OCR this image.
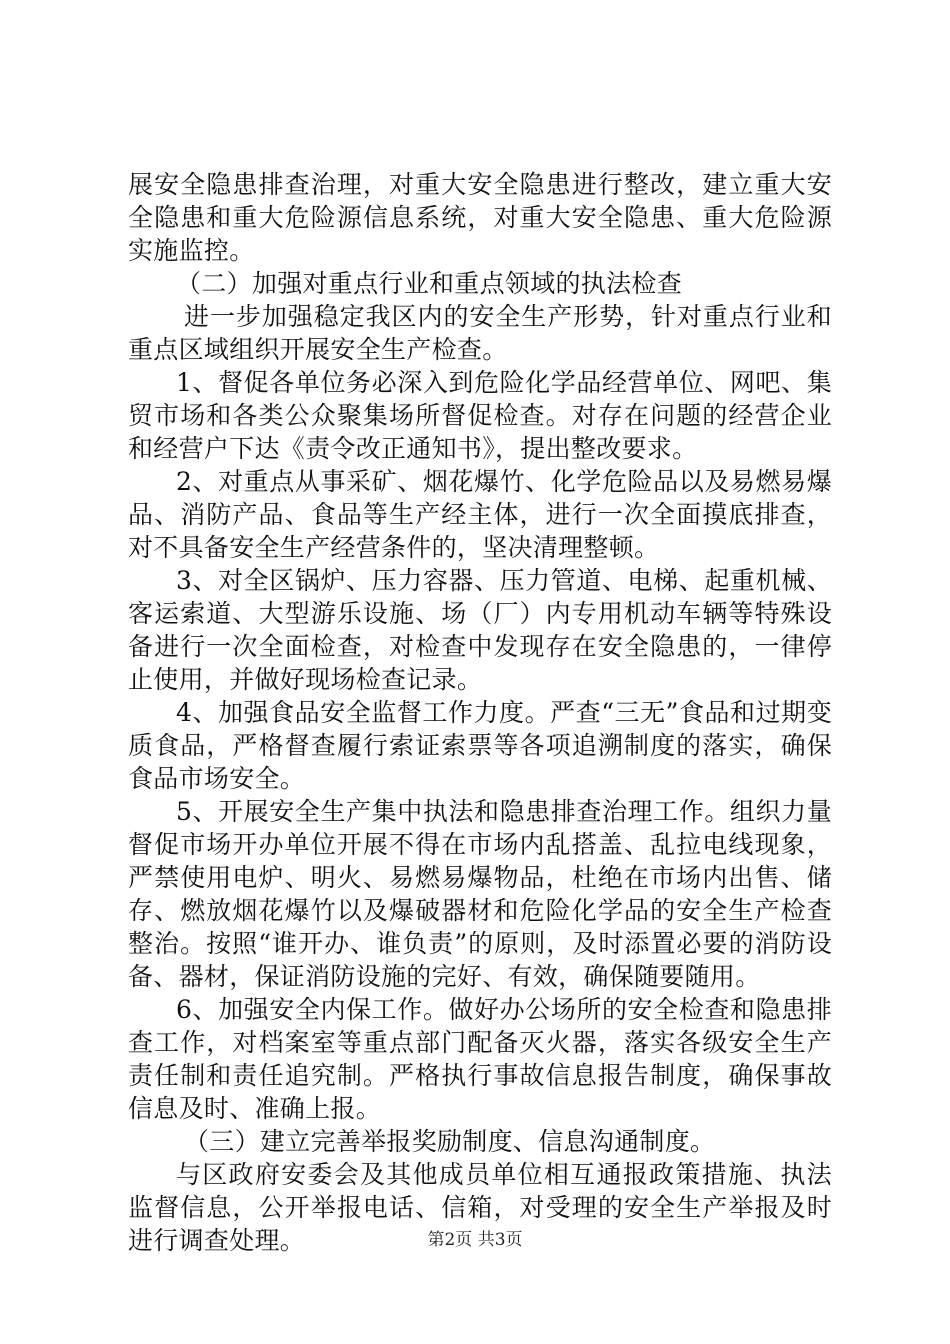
展安全隐患排查治理，对重大安全隐患进行整改，建立重大安全隐患和重大危险源信息系统，对重大安全隐患、重大危险源实施监控。

（二）加强对重点行业和重点领域的执法检查

进一步加强稳定我区内的安全生产形势，针对重点行业和重点区域组织开展安全生产检查。

1、督促各单位务必深入到危险化学品经营单位、网吧、集贸市场和各类公众聚集场所督促检查。对存在问题的经营企业和经营户下达《责令改正通知书》，提出整改要求。

2、对重点从事采矿、烟花爆竹、化学危险品以及易燃易爆品、消防产品、食品等生产经主体，进行一次全面摸底排查，对不具备安全生产经营条件的，坚决清理整顿。

3、对全区锅炉、压力容器、压力管道、电梯、起重机械、客运索道、大型游乐设施、场（厂）内专用机动车辆等特殊设备进行一次全面检查，对检查中发现存在安全隐患的，一律停止使用，并做好现场检查记录。

4、加强食品安全监督工作力度。严查“三无”食品和过期变质食品，严格督查履行索证索票等各项追溯制度的落实，确保食品市场安全。

5、开展安全生产集中执法和隐患排查治理工作。组织力量督促市场开办单位开展不得在市场内乱搭盖、乱拉电线现象，严禁使用电炉、明火、易燃易爆物品，杜绝在市场内出售、储存、燃放烟花爆竹以及爆破器材和危险化学品的安全生产检查整治。按照“谁开办、谁负责”的原则，及时添置必要的消防设备、器材，保证消防设施的完好、有效，确保随要随用。

6、加强安全内保工作。做好办公场所的安全检查和隐患排查工作，对档案室等重点部门配备灭火器，落实各级安全生产责任制和责任追究制。严格执行事故信息报告制度，确保事故信息及时、准确上报。

（三）建立完善举报奖励制度、信息沟通制度。

与区政府安委会及其他成员单位相互通报政策措施、执法监督信息，公开举报电话、信箱，对受理的安全生产举报及时进行调查处理。	第2页 共3页
